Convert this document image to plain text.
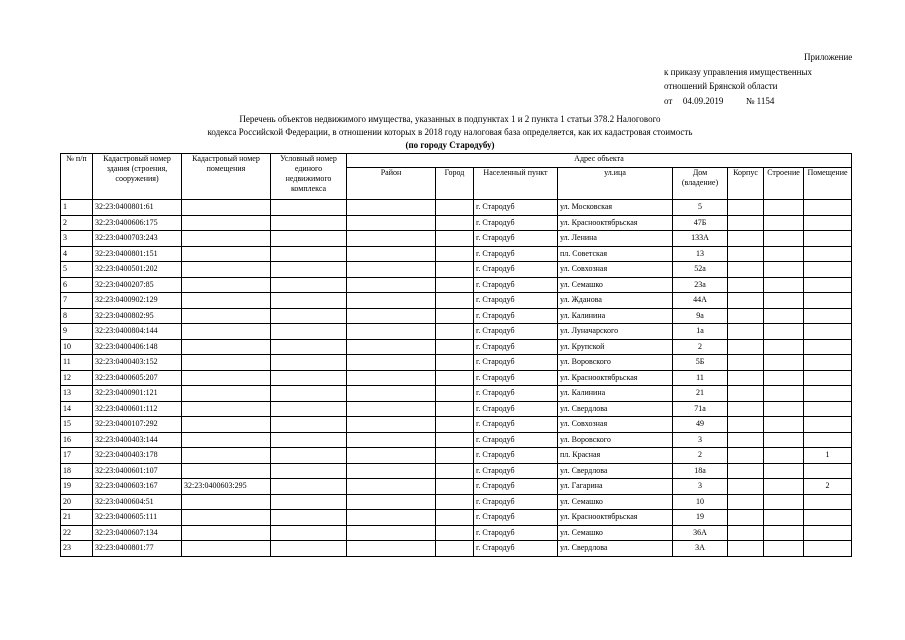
Приложение
к приказу управления имущественных
отношений Брянской области
от 04.09.2019	№ 1154
Перечень объектов недвижимого имущества, указанных в подпунктах 1 и 2 пункта 1 статьи 378.2 Налогового
кодекса Российской Федерации, в отношении которых в 2018 году налоговая база определяется, как их кадастровая стоимость
(по городу Стародубу)
№ п/п	Кадастровый номер здания (строения, сооружения)	Кадастровый номер помещения	Условный номер единого недвижимого комплекса	Адрес объекта							
				Район	Город	Населенный пункт	ул.ица	Дом (владение)	Корпус	Строение	Помещение
1	32:23:0400801:61					г. Стародуб	ул. Московская	5			
2	32:23:0400606:175					г. Стародуб	ул. Краснооктябрьская	47Б			
3	32:23:0400703:243					г. Стародуб	ул. Ленина	133А			
4	32:23:0400801:151					г. Стародуб	пл. Советская	13			
5	32:23:0400501:202					г. Стародуб	ул. Совхозная	52а			
6	32:23:0400207:85					г. Стародуб	ул. Семашко	23а			
7	32:23:0400902:129					г. Стародуб	ул. Жданова	44А			
8	32:23:0400802:95					г. Стародуб	ул. Калинина	9а			
9	32:23:0400804:144					г. Стародуб	ул. Луначарского	1а			
10	32:23:0400406:148					г. Стародуб	ул. Крупской	2			
11	32:23:0400403:152					г. Стародуб	ул. Воровского	5Б			
12	32:23:0400605:207					г. Стародуб	ул. Краснооктябрьская	11			
13	32:23:0400901:121					г. Стародуб	ул. Калинина	21			
14	32:23:0400601:112					г. Стародуб	ул. Свердлова	71а			
15	32:23:0400107:292					г. Стародуб	ул. Совхозная	49			
16	32:23:0400403:144					г. Стародуб	ул. Воровского	3			
17	32:23:0400403:178					г. Стародуб	пл. Красная	2			1
18	32:23:0400601:107					г. Стародуб	ул. Свердлова	18а			
19	32:23:0400603:167	32:23:0400603:295				г. Стародуб	ул. Гагарина	3			2
20	32:23:0400604:51					г. Стародуб	ул. Семашко	10			
21	32:23:0400605:111					г. Стародуб	ул. Краснооктябрьская	19			
22	32:23:0400607:134					г. Стародуб	ул. Семашко	36А			
23	32:23:0400801:77					г. Стародуб	ул. Свердлова	3А			
